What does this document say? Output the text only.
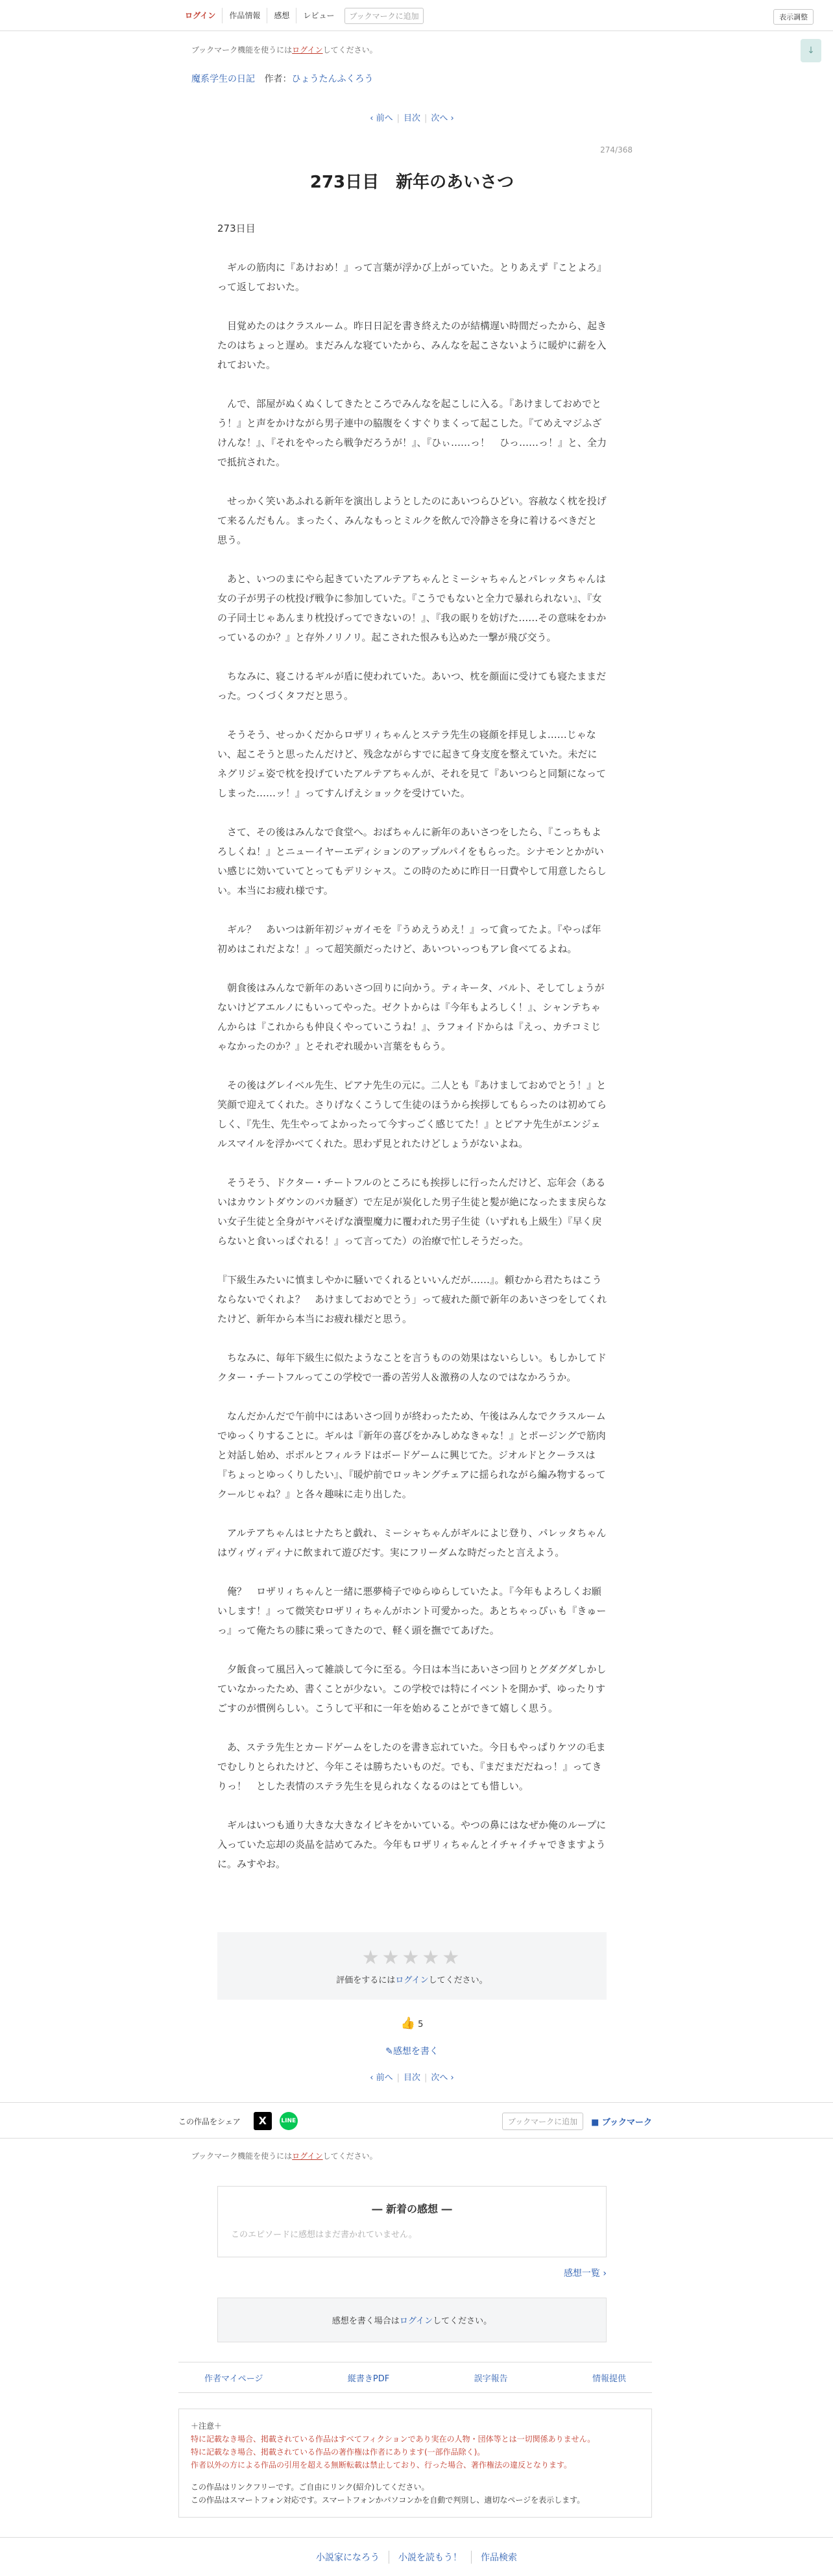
ログイン	作品情報	感想	レビュー	ブックマークに追加	表示調整
↓
ブックマーク機能を使うにはログインしてください。
魔系学生の日記 作者：ひょうたんふくろう
‹ 前へ | 目次 | 次へ ›
274/368
273日目　新年のあいさつ

273日目

　ギルの筋肉に『あけおめ！』って言葉が浮かび上がっていた。とりあえず『ことよろ』って返しておいた。

　目覚めたのはクラスルーム。昨日日記を書き終えたのが結構遅い時間だったから、起きたのはちょっと遅め。まだみんな寝ていたから、みんなを起こさないように暖炉に薪を入れておいた。

　んで、部屋がぬくぬくしてきたところでみんなを起こしに入る。『あけましておめでとう！』と声をかけながら男子連中の脇腹をくすぐりまくって起こした。『てめえマジふざけんな！』、『それをやったら戦争だろうが！』、『ひぃ……っ！　ひっ……っ！』と、全力で抵抗された。

　せっかく笑いあふれる新年を演出しようとしたのにあいつらひどい。容赦なく枕を投げて来るんだもん。まったく、みんなもっとミルクを飲んで冷静さを身に着けるべきだと思う。

　あと、いつのまにやら起きていたアルテアちゃんとミーシャちゃんとパレッタちゃんは女の子が男子の枕投げ戦争に参加していた。『こうでもないと全力で暴れられない』、『女の子同士じゃあんまり枕投げってできないの！』、『我の眠りを妨げた……その意味をわかっているのか？』と存外ノリノリ。起こされた恨みも込めた一撃が飛び交う。

　ちなみに、寝こけるギルが盾に使われていた。あいつ、枕を顔面に受けても寝たままだった。つくづくタフだと思う。

　そうそう、せっかくだからロザリィちゃんとステラ先生の寝顔を拝見しよ……じゃない、起こそうと思ったんだけど、残念ながらすでに起きて身支度を整えていた。未だにネグリジェ姿で枕を投げていたアルテアちゃんが、それを見て『あいつらと同類になってしまった……ッ！』ってすんげえショックを受けていた。

　さて、その後はみんなで食堂へ。おばちゃんに新年のあいさつをしたら、『こっちもよろしくね！』とニューイヤーエディションのアップルパイをもらった。シナモンとかがいい感じに効いていてとってもデリシャス。この時のために昨日一日費やして用意したらしい。本当にお疲れ様です。

　ギル？　あいつは新年初ジャガイモを『うめえうめえ！』って貪ってたよ。『やっぱ年初めはこれだよな！』って超笑顔だったけど、あいついっつもアレ食べてるよね。

　朝食後はみんなで新年のあいさつ回りに向かう。ティキータ、バルト、そしてしょうがないけどアエルノにもいってやった。ゼクトからは『今年もよろしく！』、シャンテちゃんからは『これからも仲良くやっていこうね！』、ラフォイドからは『えっ、カチコミじゃなかったのか？』とそれぞれ暖かい言葉をもらう。

　その後はグレイベル先生、ピアナ先生の元に。二人とも『あけましておめでとう！』と笑顔で迎えてくれた。さりげなくこうして生徒のほうから挨拶してもらったのは初めてらしく、『先生、先生やってよかったって今すっごく感じてた！』とピアナ先生がエンジェルスマイルを浮かべてくれた。思わず見とれたけどしょうがないよね。

　そうそう、ドクター・チートフルのところにも挨拶しに行ったんだけど、忘年会（あるいはカウントダウンのバカ騒ぎ）で左足が炭化した男子生徒と髪が絶になったまま戻らない女子生徒と全身がヤバそげな瀆聖魔力に覆われた男子生徒（いずれも上級生）『早く戻らないと食いっぱぐれる！』って言ってた）の治療で忙しそうだった。

『下級生みたいに慎ましやかに騒いでくれるといいんだが……』。頼むから君たちはこうならないでくれよ？　あけましておめでとう」って疲れた顔で新年のあいさつをしてくれたけど、新年から本当にお疲れ様だと思う。

　ちなみに、毎年下級生に似たようなことを言うものの効果はないらしい。もしかしてドクター・チートフルってこの学校で一番の苦労人＆激務の人なのではなかろうか。

　なんだかんだで午前中にはあいさつ回りが終わったため、午後はみんなでクラスルームでゆっくりすることに。ギルは『新年の喜びをかみしめなきゃな！』とポージングで筋肉と対話し始め、ポポルとフィルラドはボードゲームに興じてた。ジオルドとクーラスは『ちょっとゆっくりしたい』、『暖炉前でロッキングチェアに揺られながら編み物するってクールじゃね？』と各々趣味に走り出した。

　アルテアちゃんはヒナたちと戯れ、ミーシャちゃんがギルによじ登り、パレッタちゃんはヴィヴィディナに飲まれて遊びだす。実にフリーダムな時だったと言えよう。

　俺？　ロザリィちゃんと一緒に悪夢椅子でゆらゆらしていたよ。『今年もよろしくお願いします！』って微笑むロザリィちゃんがホント可愛かった。あとちゃっぴぃも『きゅーっ』って俺たちの膝に乗ってきたので、軽く頭を撫でてあげた。

　夕飯食って風呂入って雑談して今に至る。今日は本当にあいさつ回りとグダグダしかしていなかったため、書くことが少ない。この学校では特にイベントを開かず、ゆったりすごすのが慣例らしい。こうして平和に一年を始めることができて嬉しく思う。

　あ、ステラ先生とカードゲームをしたのを書き忘れていた。今日もやっぱりケツの毛までむしりとられたけど、今年こそは勝ちたいものだ。でも、『まだまだだねっ！』ってきりっ！　とした表情のステラ先生を見られなくなるのはとても惜しい。

　ギルはいつも通り大きな大きなイビキをかいている。やつの鼻にはなぜか俺のループに入っていた忘却の炎晶を詰めてみた。今年もロザリィちゃんとイチャイチャできますように。みすやお。

★★★★★
評価をするにはログインしてください。
👍 5
✎感想を書く
‹ 前へ | 目次 | 次へ ›
この作品をシェア	X	LINE	ブックマークに追加	■ ブックマーク
ブックマーク機能を使うにはログインしてください。
― 新着の感想 ―
このエピソードに感想はまだ書かれていません。
感想一覧 ›
感想を書く場合はログインしてください。
作者マイページ	縦書きPDF	誤字報告	情報提供
＋注意＋
特に記載なき場合、掲載されている作品はすべてフィクションであり実在の人物・団体等とは一切関係ありません。
特に記載なき場合、掲載されている作品の著作権は作者にあります(一部作品除く)。
作者以外の方による作品の引用を超える無断転載は禁止しており、行った場合、著作権法の違反となります。
この作品はリンクフリーです。ご自由にリンク(紹介)してください。
この作品はスマートフォン対応です。スマートフォンかパソコンかを自動で判別し、適切なページを表示します。
小説家になろう	小説を読もう！	作品検索
